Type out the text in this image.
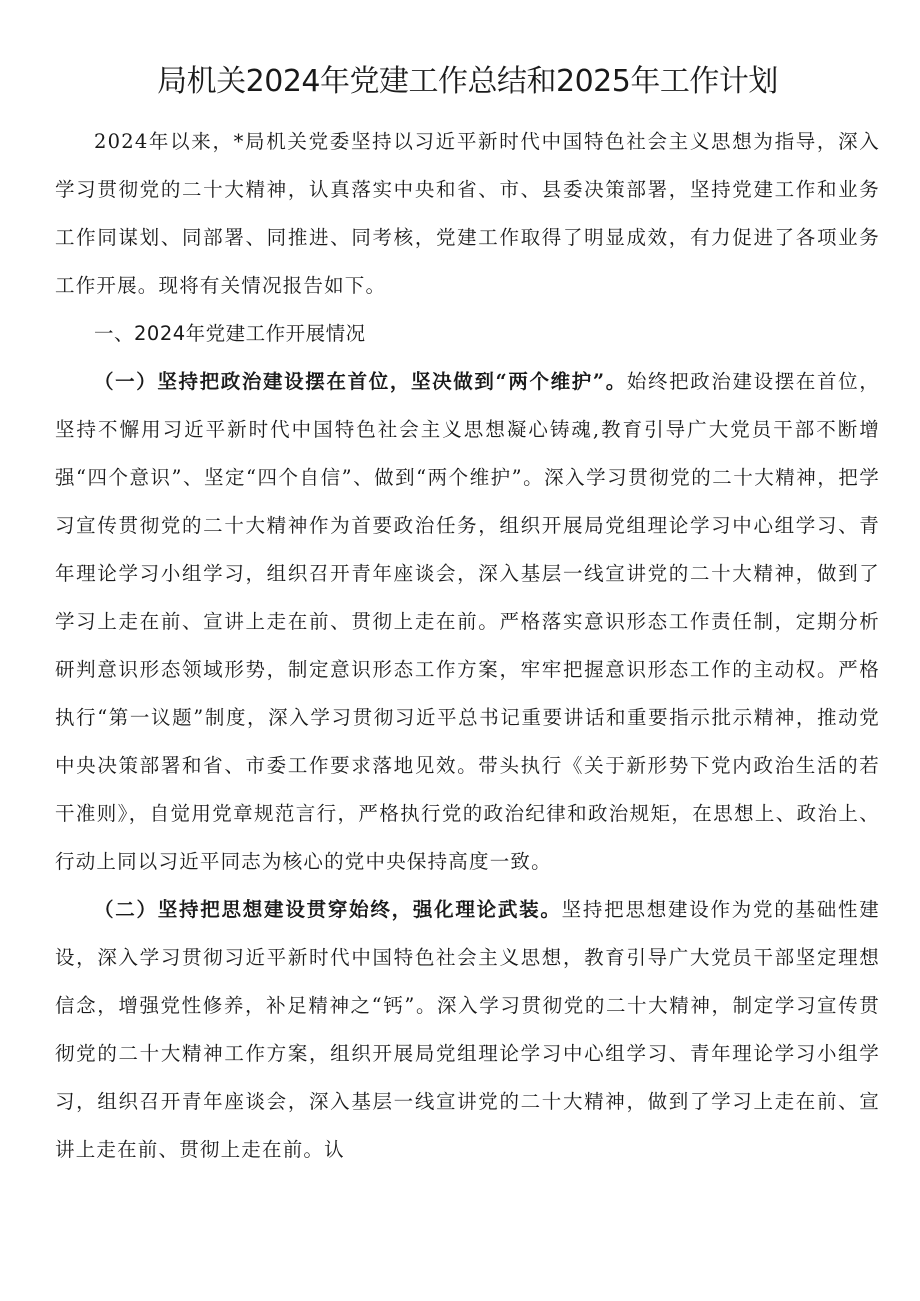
局机关2024年党建工作总结和2025年工作计划

2024年以来，*局机关党委坚持以习近平新时代中国特色社会主义思想为指导，深入学习贯彻党的二十大精神，认真落实中央和省、市、县委决策部署，坚持党建工作和业务工作同谋划、同部署、同推进、同考核，党建工作取得了明显成效，有力促进了各项业务工作开展。现将有关情况报告如下。

一、2024年党建工作开展情况

（一）坚持把政治建设摆在首位，坚决做到“两个维护”。始终把政治建设摆在首位，坚持不懈用习近平新时代中国特色社会主义思想凝心铸魂,教育引导广大党员干部不断增强“四个意识”、坚定“四个自信”、做到“两个维护”。深入学习贯彻党的二十大精神，把学习宣传贯彻党的二十大精神作为首要政治任务，组织开展局党组理论学习中心组学习、青年理论学习小组学习，组织召开青年座谈会，深入基层一线宣讲党的二十大精神，做到了学习上走在前、宣讲上走在前、贯彻上走在前。严格落实意识形态工作责任制，定期分析研判意识形态领域形势，制定意识形态工作方案，牢牢把握意识形态工作的主动权。严格执行“第一议题”制度，深入学习贯彻习近平总书记重要讲话和重要指示批示精神，推动党中央决策部署和省、市委工作要求落地见效。带头执行《关于新形势下党内政治生活的若干准则》，自觉用党章规范言行，严格执行党的政治纪律和政治规矩，在思想上、政治上、行动上同以习近平同志为核心的党中央保持高度一致。

（二）坚持把思想建设贯穿始终，强化理论武装。坚持把思想建设作为党的基础性建设，深入学习贯彻习近平新时代中国特色社会主义思想，教育引导广大党员干部坚定理想信念，增强党性修养，补足精神之“钙”。深入学习贯彻党的二十大精神，制定学习宣传贯彻党的二十大精神工作方案，组织开展局党组理论学习中心组学习、青年理论学习小组学习，组织召开青年座谈会，深入基层一线宣讲党的二十大精神，做到了学习上走在前、宣讲上走在前、贯彻上走在前。认
